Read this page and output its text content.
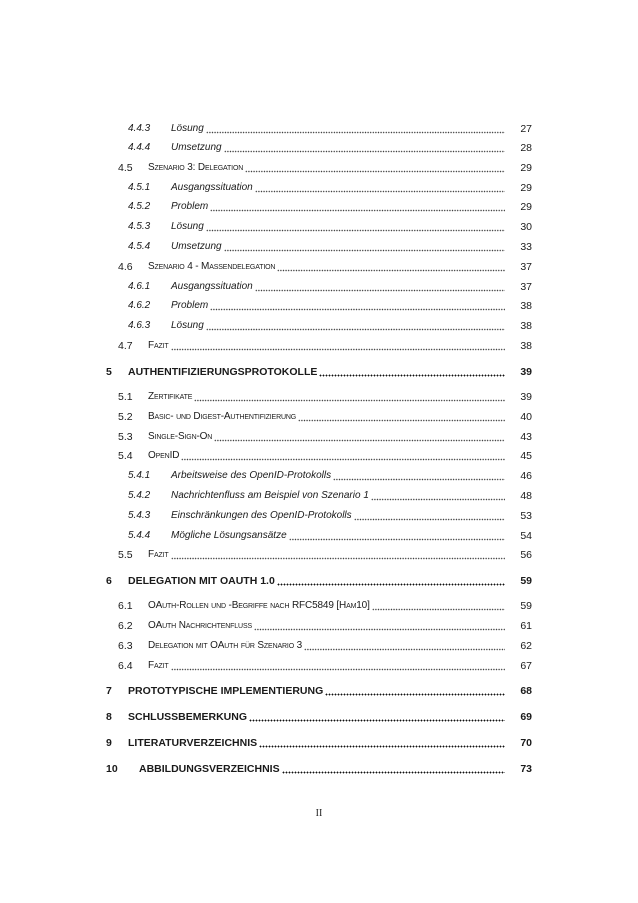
4.4.3 Lösung	27
4.4.4 Umsetzung	28
4.5 Szenario 3: Delegation	29
4.5.1 Ausgangssituation	29
4.5.2 Problem	29
4.5.3 Lösung	30
4.5.4 Umsetzung	33
4.6 Szenario 4 - Massendelegation	37
4.6.1 Ausgangssituation	37
4.6.2 Problem	38
4.6.3 Lösung	38
4.7 Fazit	38
5 AUTHENTIFIZIERUNGSPROTOKOLLE	39
5.1 Zertifikate	39
5.2 Basic- und Digest-Authentifizierung	40
5.3 Single-Sign-On	43
5.4 OpenID	45
5.4.1 Arbeitsweise des OpenID-Protokolls	46
5.4.2 Nachrichtenfluss am Beispiel von Szenario 1	48
5.4.3 Einschränkungen des OpenID-Protokolls	53
5.4.4 Mögliche Lösungsansätze	54
5.5 Fazit	56
6 DELEGATION MIT OAUTH 1.0	59
6.1 OAuth-Rollen und -Begriffe nach RFC5849 [Ham10]	59
6.2 OAuth Nachrichtenfluss	61
6.3 Delegation mit OAuth für Szenario 3	62
6.4 Fazit	67
7 PROTOTYPISCHE IMPLEMENTIERUNG	68
8 SCHLUSSBEMERKUNG	69
9 LITERATURVERZEICHNIS	70
10 ABBILDUNGSVERZEICHNIS	73
II
